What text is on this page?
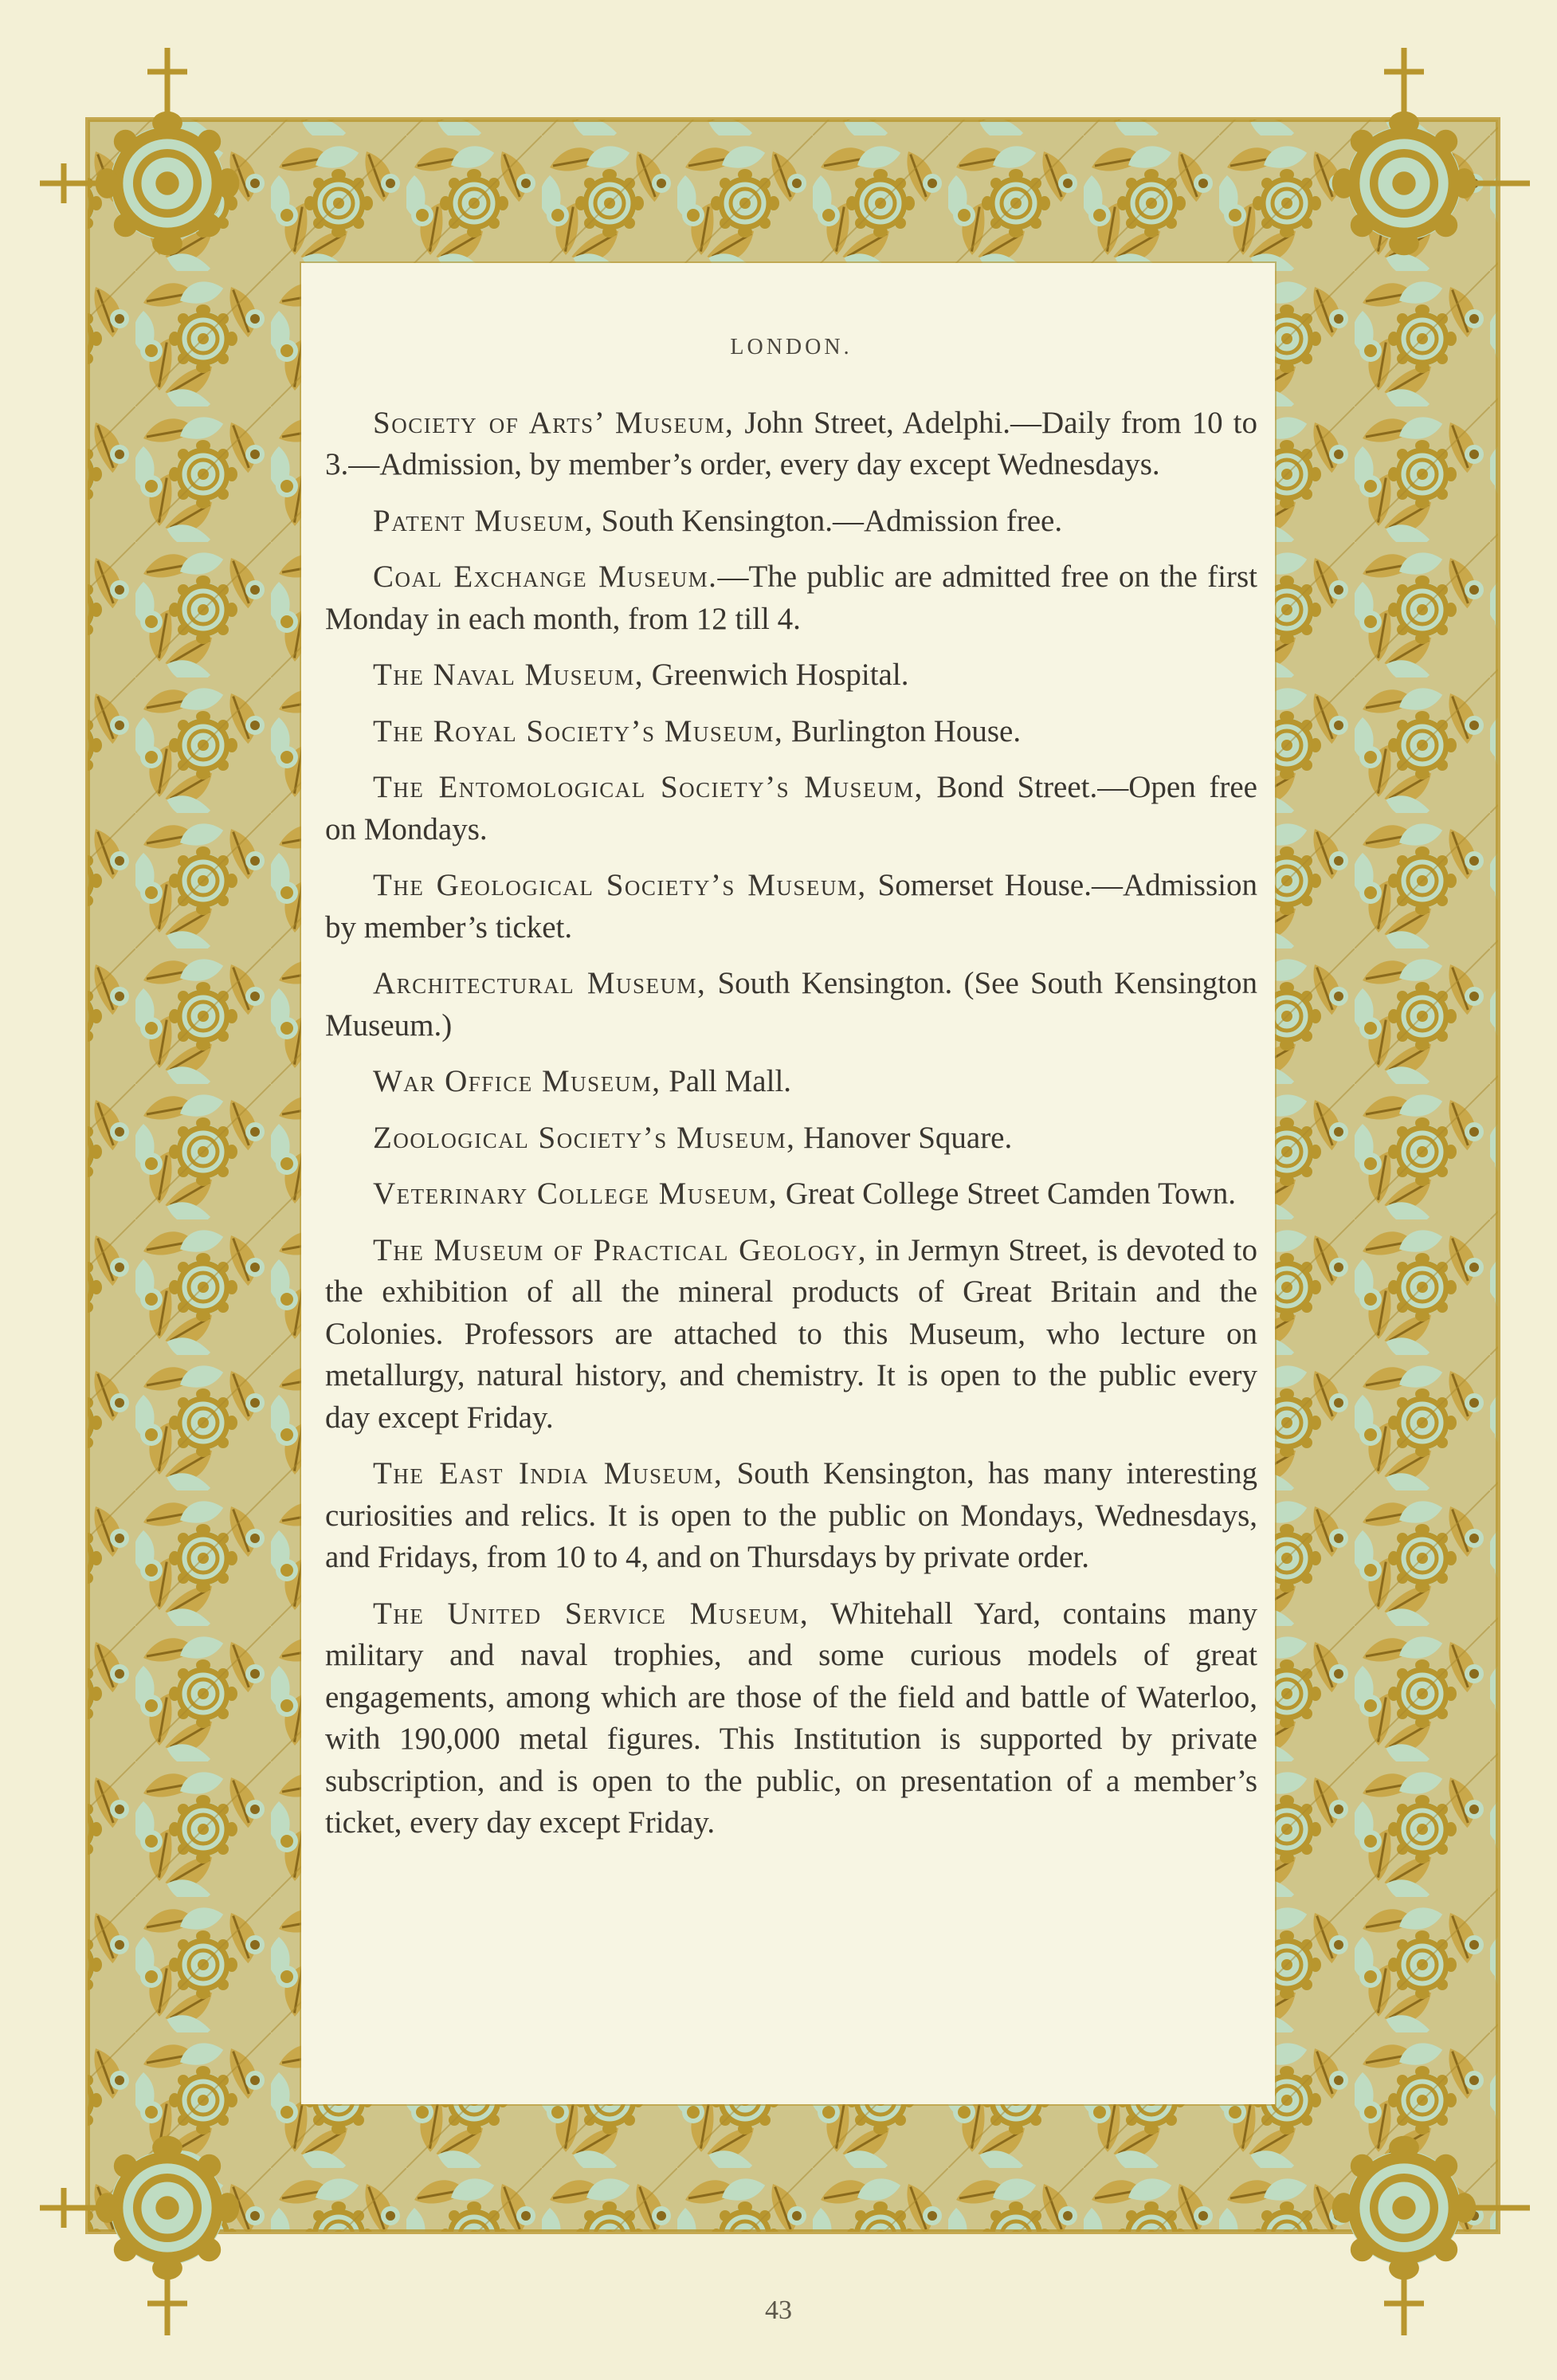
LONDON.

Society of Arts’ Museum, John Street, Adelphi.—Daily from 10 to 3.—Admission, by member’s order, every day except Wednesdays.

Patent Museum, South Kensington.—Admission free.

Coal Exchange Museum.—The public are admitted free on the first Monday in each month, from 12 till 4.

The Naval Museum, Greenwich Hospital.

The Royal Society’s Museum, Burlington House.

The Entomological Society’s Museum, Bond Street.—Open free on Mondays.

The Geological Society’s Museum, Somerset House.—Admission by member’s ticket.

Architectural Museum, South Kensington. (See South Kensington Museum.)

War Office Museum, Pall Mall.

Zoological Society’s Museum, Hanover Square.

Veterinary College Museum, Great College Street Camden Town.

The Museum of Practical Geology, in Jermyn Street, is devoted to the exhibition of all the mineral products of Great Britain and the Colonies. Professors are attached to this Museum, who lecture on metallurgy, natural history, and chemistry. It is open to the public every day except Friday.

The East India Museum, South Kensington, has many interesting curiosities and relics. It is open to the public on Mondays, Wednesdays, and Fridays, from 10 to 4, and on Thursdays by private order.

The United Service Museum, Whitehall Yard, contains many military and naval trophies, and some curious models of great engagements, among which are those of the field and battle of Waterloo, with 190,000 metal figures. This Institution is supported by private subscription, and is open to the public, on presentation of a member’s ticket, every day except Friday.

43
